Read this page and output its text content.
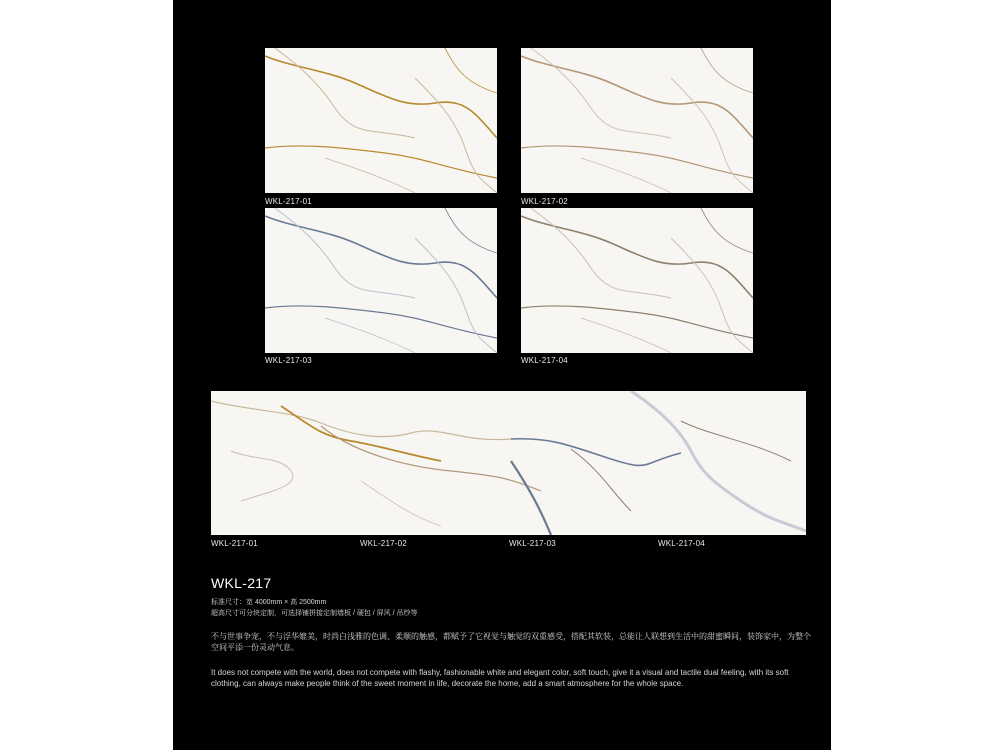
WKL-217-01	WKL-217-02
WKL-217-03	WKL-217-04
WKL-217-01	WKL-217-02	WKL-217-03	WKL-217-04
WKL-217
标准尺寸：宽 4000mm × 高 2500mm
超高尺寸可分块定制，可选择铺拼接定制墙板 / 硬包 / 屏风 / 吊纱等
不与世事争宠，不与浮华媲美，时尚白浅雅的色调、柔顺的触感，都赋予了它视觉与触觉的双重感受，搭配其软装，总能让人联想到生活中的甜蜜瞬间，装饰家中，为整个空间平添一份灵动气息。
It does not compete with the world, does not compete with flashy, fashionable white and elegant color, soft touch, give it a visual and tactile dual feeling, with its soft clothing, can always make people think of the sweet moment in life, decorate the home, add a smart atmosphere for the whole space.
